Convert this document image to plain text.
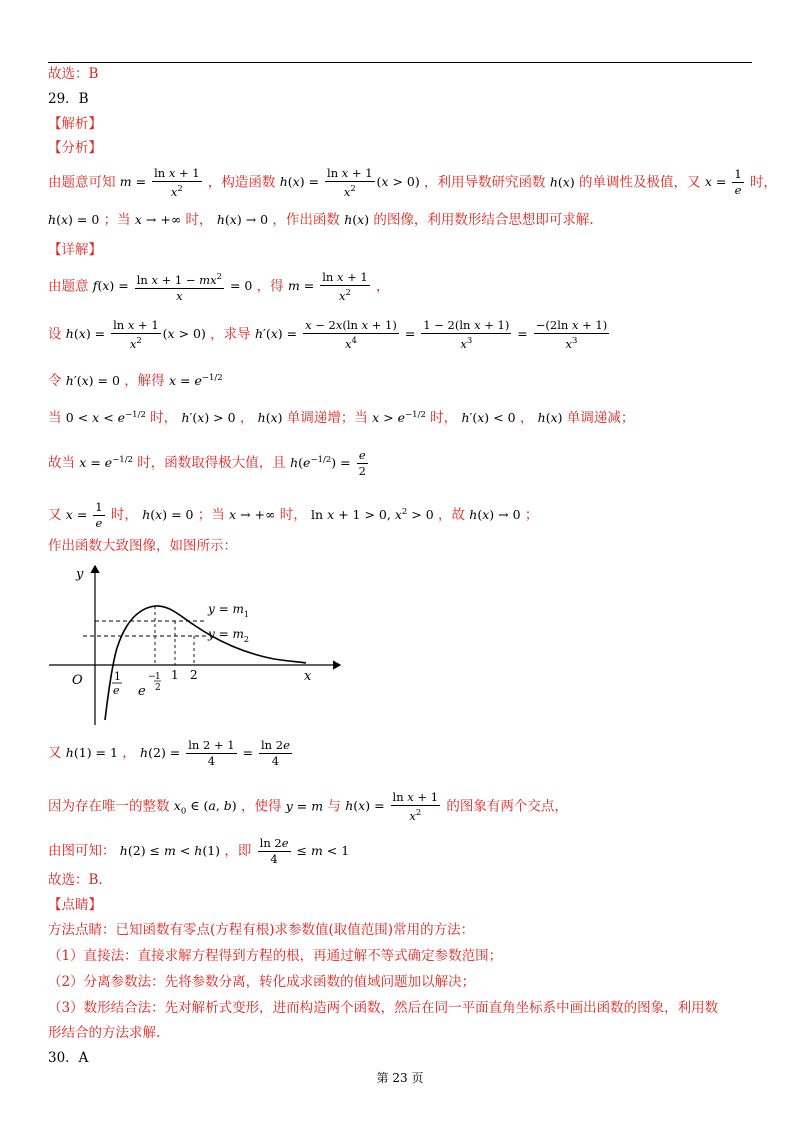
故选：B
29．B
【解析】
【分析】
由题意可知 $m = \frac{\text{ln x + 1}}{x^2}$ ，构造函数 $h(x) = \frac{\text{ln x + 1}}{x^2} (x > 0)$ ，利用导数研究函数 h(x) 的单调性及极值，又 $x = \frac{1}{e}$ 时，
h(x) = 0 ；当 x → +∞ 时， h(x) → 0 ，作出函数 h(x) 的图像，利用数形结合思想即可求解.
【详解】
由题意 $f(x) = \frac{\ln x + 1 - mx^2}{x} = 0$ ，得 $m = \frac{\text{ln x + 1}}{x^2}$ ，
设 $h(x) = \frac{\text{ln x + 1}}{x^2} (x > 0)$ ，求导 $h'(x) = \frac{\text{x − 2x(ln x + 1)}}{x^4} = \frac{\text{1 − 2(ln x + 1)}}{x^3} = \frac{\text{−(2ln x + 1)}}{x^3}$
令 h′(x) = 0 ，解得 $x = e^{-1/2}$
当 $0 < x < e^{-1/2}$ 时， h′(x) > 0 ， h(x) 单调递增；当 $x > e^{-1/2}$ 时， h′(x) < 0 ， h(x) 单调递减；
故当 $x = e^{-1/2}$ 时，函数取得极大值，且 $h(e^{-1/2}) = \frac{e}{2}$
又 $x = \frac{1}{e}$ 时， h(x) = 0 ；当 x → +∞ 时， ln x + 1 > 0, $x^2 > 0$ ，故 h(x) → 0 ；
作出函数大致图像，如图所示：
y
x
O
$y = m_1$
$y = m_2$
1
e e
− 1
2
1 2
又 h(1) = 1 ， $h(2) = \frac{\ln 2 + 1}{4} = \frac{\ln 2e}{4}$
因为存在唯一的整数 $x_0$ ∈ (a, b) ，使得 y = m 与 $h(x) = \frac{\text{ln x + 1}}{x^2}$ 的图象有两个交点，
由图可知： h(2) ≤ m < h(1) ，即 $\frac{\ln 2e}{4} \le m < 1$
故选：B.
【点睛】
方法点睛：已知函数有零点(方程有根)求参数值(取值范围)常用的方法：
（1）直接法：直接求解方程得到方程的根，再通过解不等式确定参数范围；
（2）分离参数法：先将参数分离，转化成求函数的值域问题加以解决；
（3）数形结合法：先对解析式变形，进而构造两个函数，然后在同一平面直角坐标系中画出函数的图象，利用数
形结合的方法求解.
30．A
第 23 页
